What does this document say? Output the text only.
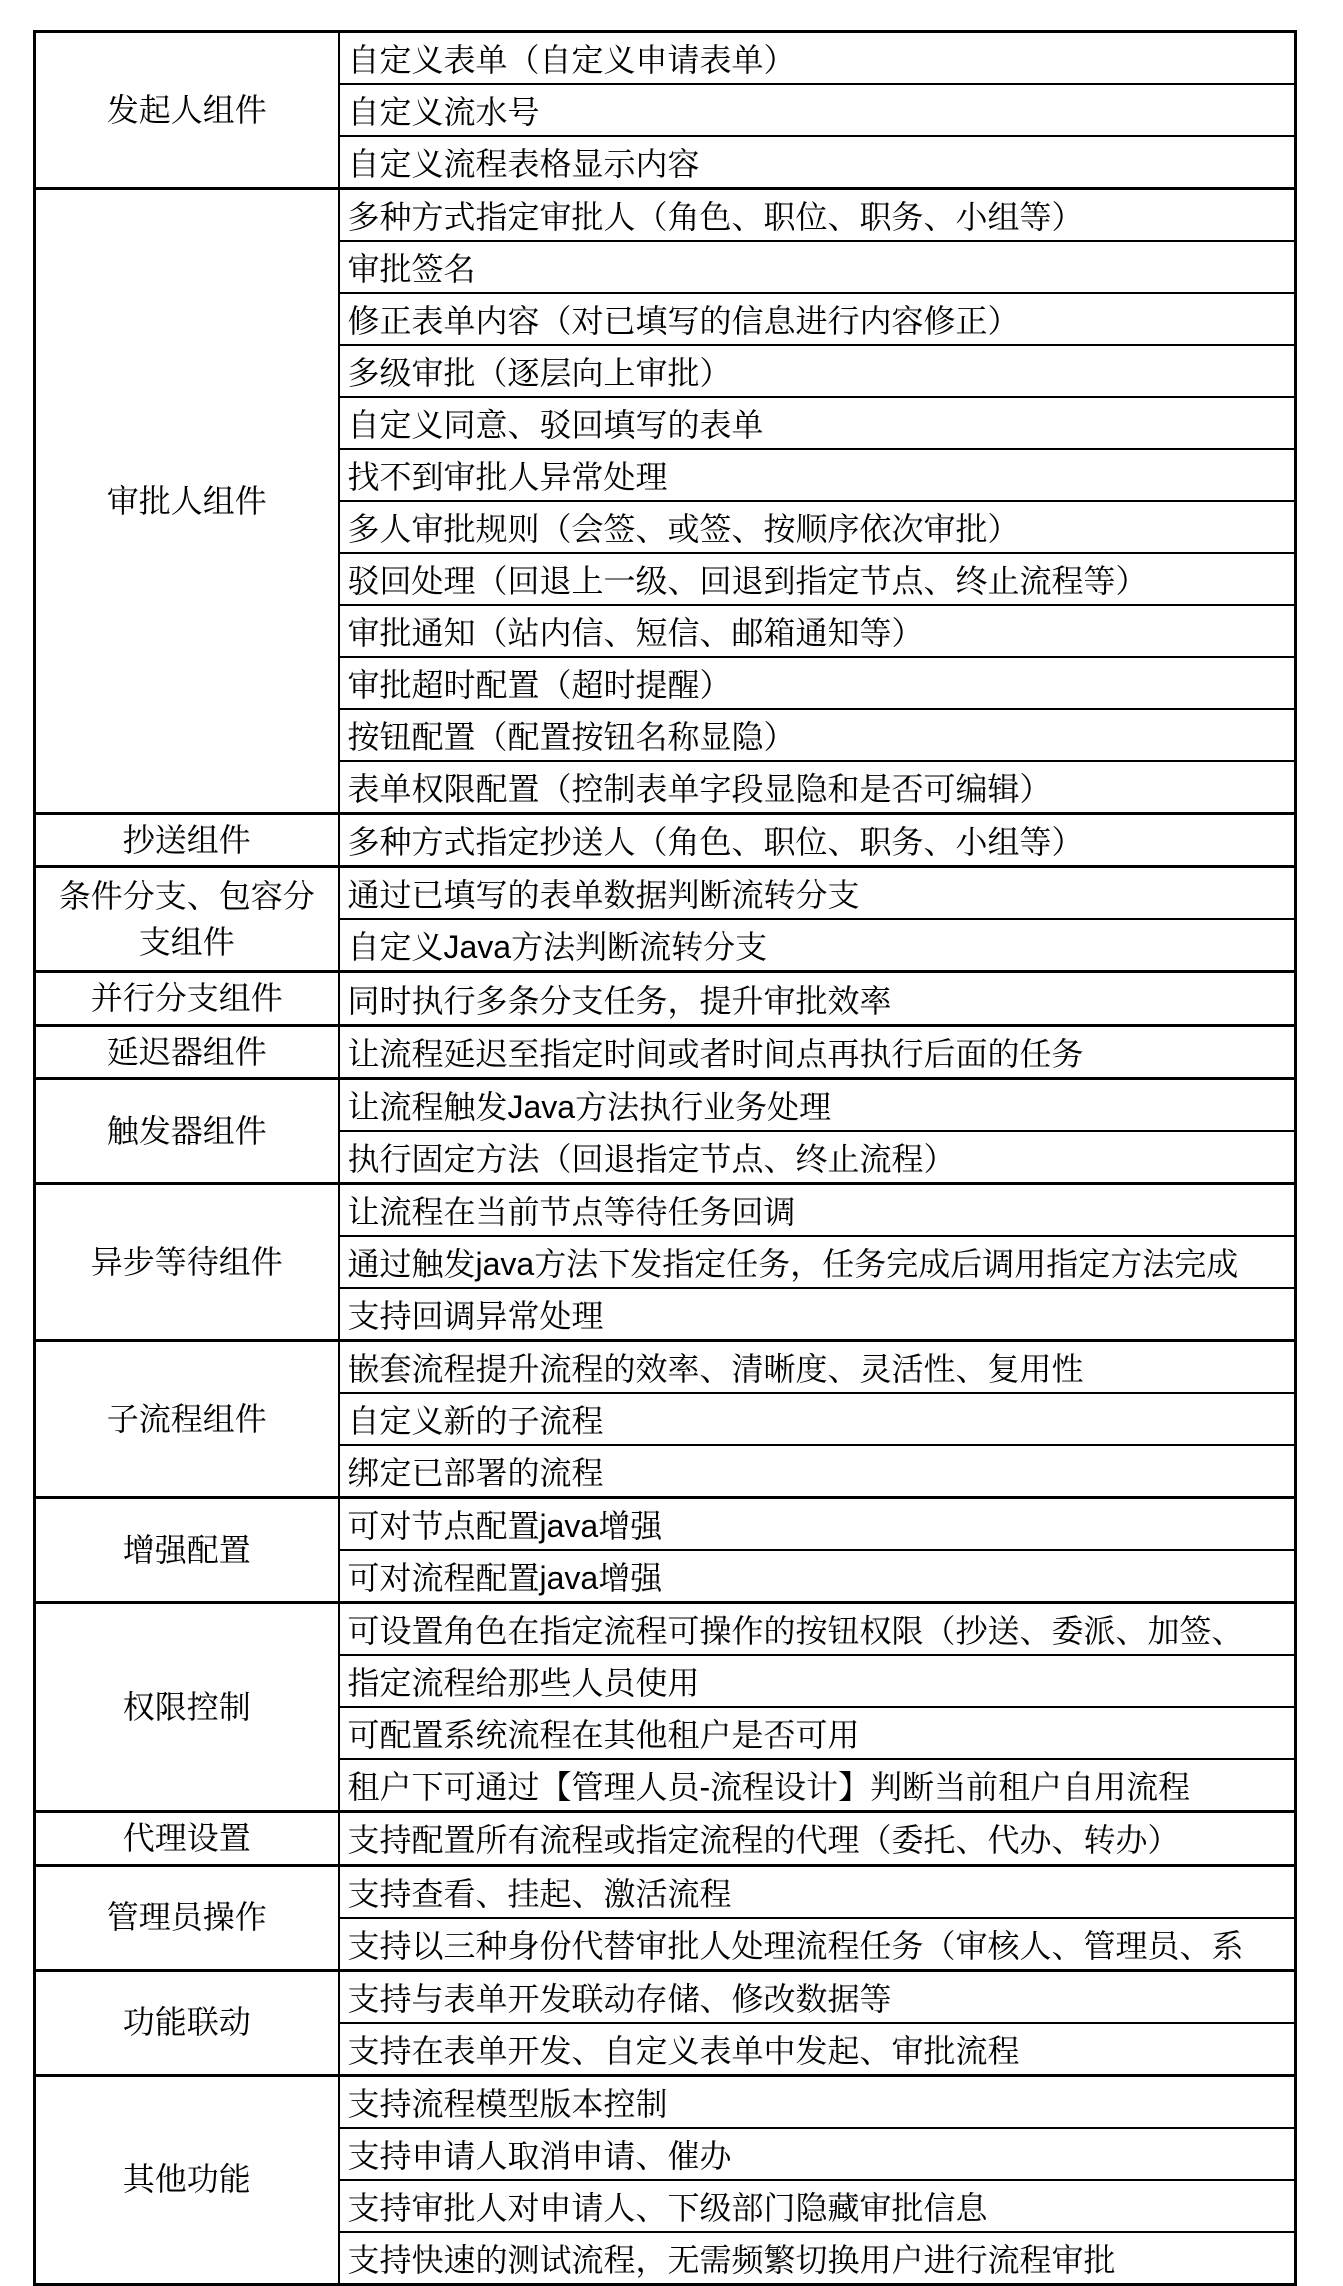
发起人组件	自定义表单（自定义申请表单）
	自定义流水号
	自定义流程表格显示内容
审批人组件	多种方式指定审批人（角色、职位、职务、小组等）
	审批签名
	修正表单内容（对已填写的信息进行内容修正）
	多级审批（逐层向上审批）
	自定义同意、驳回填写的表单
	找不到审批人异常处理
	多人审批规则（会签、或签、按顺序依次审批）
	驳回处理（回退上一级、回退到指定节点、终止流程等）
	审批通知（站内信、短信、邮箱通知等）
	审批超时配置（超时提醒）
	按钮配置（配置按钮名称显隐）
	表单权限配置（控制表单字段显隐和是否可编辑）
抄送组件	多种方式指定抄送人（角色、职位、职务、小组等）
条件分支、包容分支组件	通过已填写的表单数据判断流转分支
	自定义Java方法判断流转分支
并行分支组件	同时执行多条分支任务，提升审批效率
延迟器组件	让流程延迟至指定时间或者时间点再执行后面的任务
触发器组件	让流程触发Java方法执行业务处理
	执行固定方法（回退指定节点、终止流程）
异步等待组件	让流程在当前节点等待任务回调
	通过触发java方法下发指定任务，任务完成后调用指定方法完成
	支持回调异常处理
子流程组件	嵌套流程提升流程的效率、清晰度、灵活性、复用性
	自定义新的子流程
	绑定已部署的流程
增强配置	可对节点配置java增强
	可对流程配置java增强
权限控制	可设置角色在指定流程可操作的按钮权限（抄送、委派、加签、
	指定流程给那些人员使用
	可配置系统流程在其他租户是否可用
	租户下可通过【管理人员-流程设计】判断当前租户自用流程
代理设置	支持配置所有流程或指定流程的代理（委托、代办、转办）
管理员操作	支持查看、挂起、激活流程
	支持以三种身份代替审批人处理流程任务（审核人、管理员、系
功能联动	支持与表单开发联动存储、修改数据等
	支持在表单开发、自定义表单中发起、审批流程
其他功能	支持流程模型版本控制
	支持申请人取消申请、催办
	支持审批人对申请人、下级部门隐藏审批信息
	支持快速的测试流程，无需频繁切换用户进行流程审批
